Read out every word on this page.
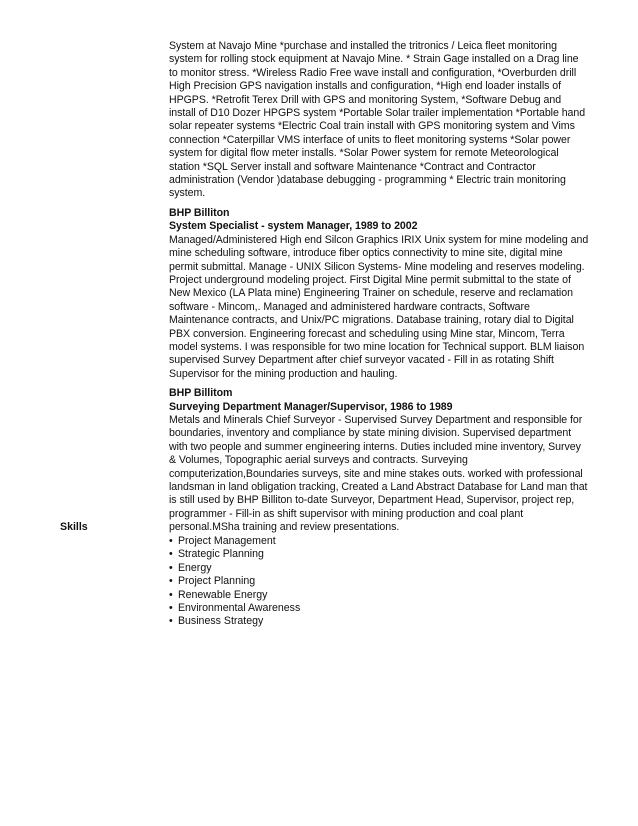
System at Navajo Mine *purchase and installed the tritronics / Leica fleet monitoring system for rolling stock equipment at Navajo Mine. * Strain Gage installed on a Drag line to monitor stress. *Wireless Radio Free wave install and configuration, *Overburden drill High Precision GPS navigation installs and configuration, *High end loader installs of HPGPS. *Retrofit Terex Drill with GPS and monitoring System, *Software Debug and install of D10 Dozer HPGPS system *Portable Solar trailer implementation *Portable hand solar repeater systems *Electric Coal train install with GPS monitoring system and Vims connection *Caterpillar VMS interface of units to fleet monitoring systems *Solar power system for digital flow meter installs. *Solar Power system for remote Meteorological station *SQL Server install and software Maintenance *Contract and Contractor administration (Vendor )database debugging - programming * Electric train monitoring system.

BHP Billiton

System Specialist - system Manager, 1989 to 2002

Managed/Administered High end Silcon Graphics IRIX Unix system for mine modeling and mine scheduling software, introduce fiber optics connectivity to mine site, digital mine permit submittal. Manage - UNIX Silicon Systems- Mine modeling and reserves modeling. Project underground modeling project. First Digital Mine permit submittal to the state of New Mexico (LA Plata mine) Engineering Trainer on schedule, reserve and reclamation software - Mincom,. Managed and administered hardware contracts, Software Maintenance contracts, and Unix/PC migrations. Database training, rotary dial to Digital PBX conversion. Engineering forecast and scheduling using Mine star, Mincom, Terra model systems. I was responsible for two mine location for Technical support. BLM liaison supervised Survey Department after chief surveyor vacated - Fill in as rotating Shift Supervisor for the mining production and hauling.

BHP Billitom

Surveying Department Manager/Supervisor, 1986 to 1989

Metals and Minerals Chief Surveyor - Supervised Survey Department and responsible for boundaries, inventory and compliance by state mining division. Supervised department with two people and summer engineering interns. Duties included mine inventory, Survey & Volumes, Topographic aerial surveys and contracts. Surveying computerization,Boundaries surveys, site and mine stakes outs. worked with professional landsman in land obligation tracking, Created a Land Abstract Database for Land man that is still used by BHP Billiton to-date Surveyor, Department Head, Supervisor, project rep, programmer - Fill-in as shift supervisor with mining production and coal plant personal.MSha training and review presentations.

Skills
• Project Management
• Strategic Planning
• Energy
• Project Planning
• Renewable Energy
• Environmental Awareness
• Business Strategy
